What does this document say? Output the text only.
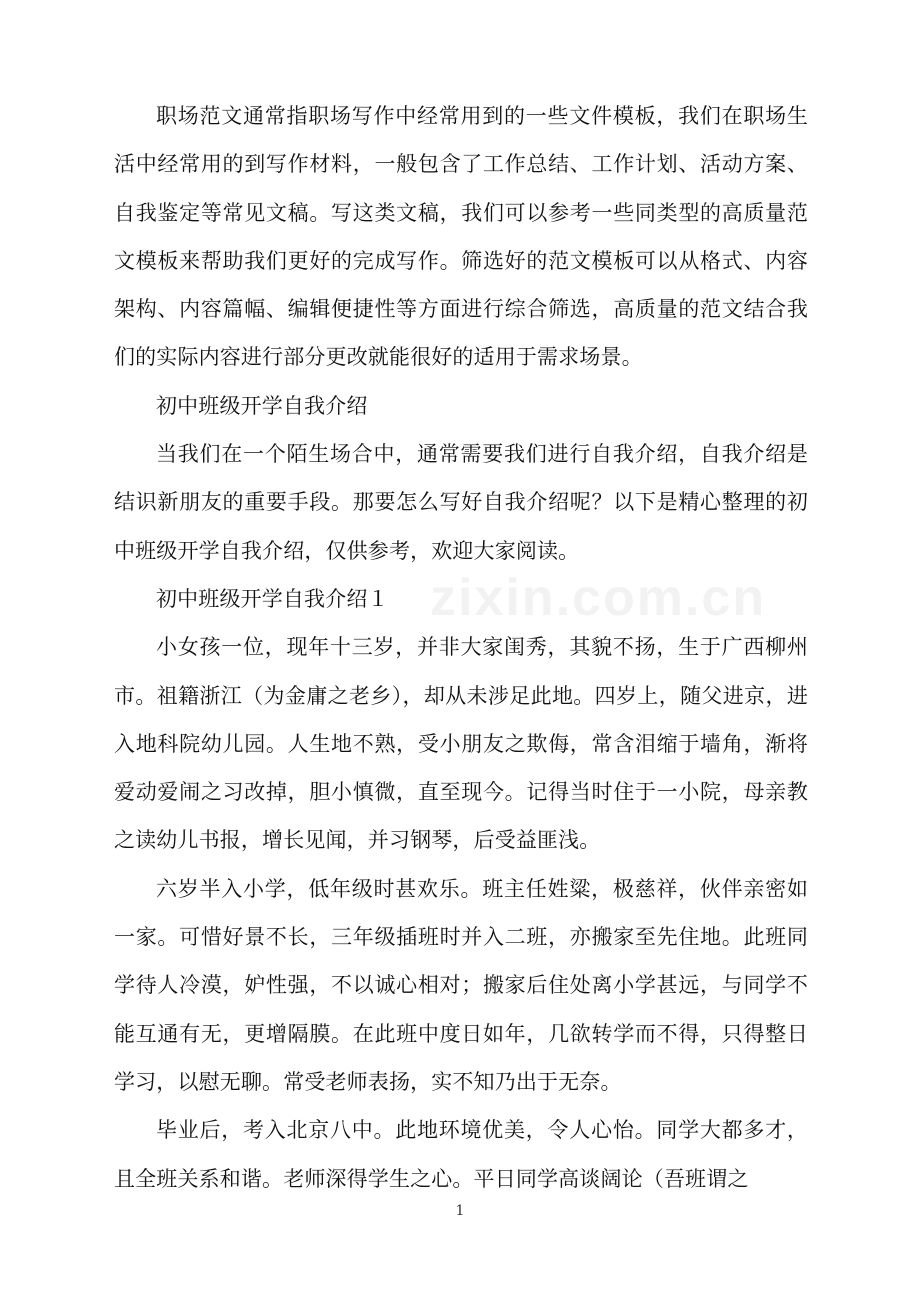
职场范文通常指职场写作中经常用到的一些文件模板，我们在职场生活中经常用的到写作材料，一般包含了工作总结、工作计划、活动方案、自我鉴定等常见文稿。写这类文稿，我们可以参考一些同类型的高质量范文模板来帮助我们更好的完成写作。筛选好的范文模板可以从格式、内容架构、内容篇幅、编辑便捷性等方面进行综合筛选，高质量的范文结合我们的实际内容进行部分更改就能很好的适用于需求场景。

初中班级开学自我介绍

当我们在一个陌生场合中，通常需要我们进行自我介绍，自我介绍是结识新朋友的重要手段。那要怎么写好自我介绍呢？以下是精心整理的初中班级开学自我介绍，仅供参考，欢迎大家阅读。

初中班级开学自我介绍１

小女孩一位，现年十三岁，并非大家闺秀，其貌不扬，生于广西柳州市。祖籍浙江（为金庸之老乡），却从未涉足此地。四岁上，随父进京，进入地科院幼儿园。人生地不熟，受小朋友之欺侮，常含泪缩于墙角，渐将爱动爱闹之习改掉，胆小慎微，直至现今。记得当时住于一小院，母亲教之读幼儿书报，增长见闻，并习钢琴，后受益匪浅。

六岁半入小学，低年级时甚欢乐。班主任姓粱，极慈祥，伙伴亲密如一家。可惜好景不长，三年级插班时并入二班，亦搬家至先住地。此班同学待人冷漠，妒性强，不以诚心相对；搬家后住处离小学甚远，与同学不能互通有无，更增隔膜。在此班中度日如年，几欲转学而不得，只得整日学习，以慰无聊。常受老师表扬，实不知乃出于无奈。

毕业后，考入北京八中。此地环境优美，令人心怡。同学大都多才，且全班关系和谐。老师深得学生之心。平日同学高谈阔论（吾班谓之

zixin.com.cn
1
